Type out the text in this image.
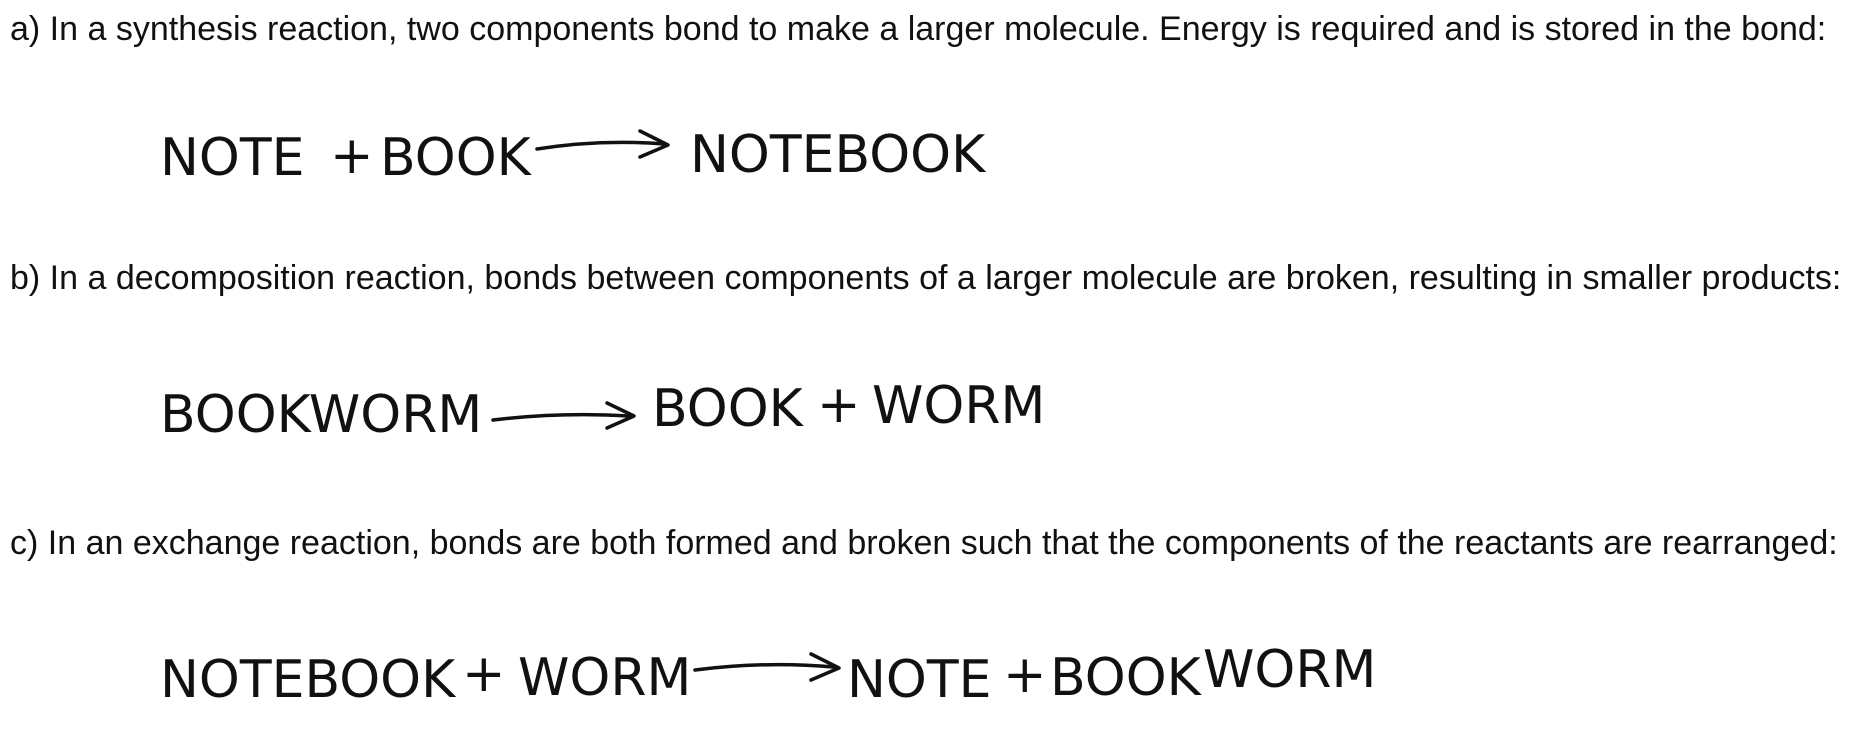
a) In a synthesis reaction, two components bond to make a larger molecule. Energy is required and is stored in the bond:
NOTE + BOOK	NOTEBOOK
b) In a decomposition reaction, bonds between components of a larger molecule are broken, resulting in smaller products:
BOOKWORM	BOOK + WORM
c) In an exchange reaction, bonds are both formed and broken such that the components of the reactants are rearranged:
NOTEBOOK + WORM	NOTE + BOOK WORM
